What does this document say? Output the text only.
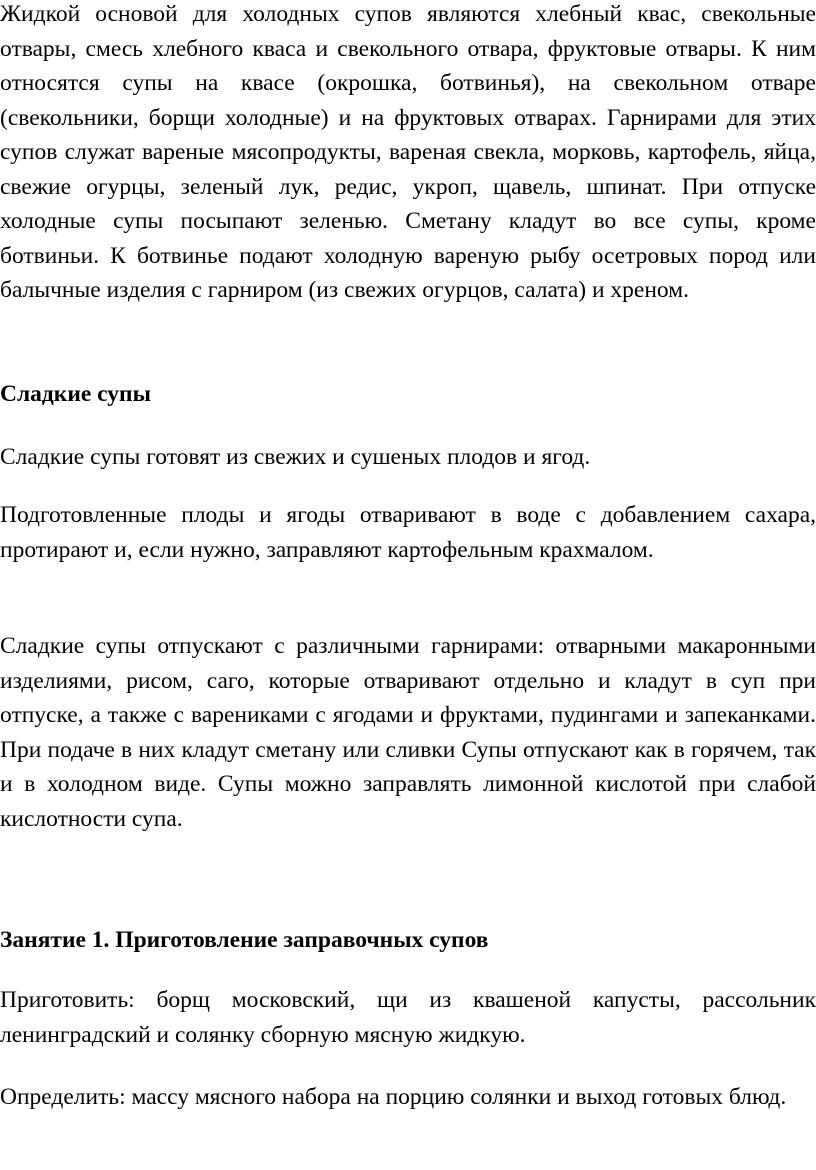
Жидкой основой для холодных супов являются хлебный квас, свекольные отвары, смесь хлебного кваса и свекольного отвара, фруктовые отвары. К ним относятся супы на квасе (окрошка, ботвинья), на свекольном отваре (свекольники, борщи холодные) и на фруктовых отварах. Гарнирами для этих супов служат вареные мясопродукты, вареная свекла, морковь, картофель, яйца, свежие огурцы, зеленый лук, редис, укроп, щавель, шпинат. При отпуске холодные супы посыпают зеленью. Сметану кладут во все супы, кроме ботвиньи. К ботвинье подают холодную вареную рыбу осетровых пород или балычные изделия с гарниром (из свежих огурцов, салата) и хреном.

Сладкие супы

Сладкие супы готовят из свежих и сушеных плодов и ягод.

Подготовленные плоды и ягоды отваривают в воде с добавлением сахара, протирают и, если нужно, заправляют картофельным крахмалом.

Сладкие супы отпускают с различными гарнирами: отварными макаронными изделиями, рисом, саго, которые отваривают отдельно и кладут в суп при отпуске, а также с варениками с ягодами и фруктами, пудингами и запеканками. При подаче в них кладут сметану или сливки Супы отпускают как в горячем, так и в холодном виде. Супы можно заправлять лимонной кислотой при слабой кислотности супа.

Занятие 1. Приготовление заправочных супов

Приготовить: борщ московский, щи из квашеной капусты, рассольник ленинградский и солянку сборную мясную жидкую.

Определить: массу мясного набора на порцию солянки и выход готовых блюд.
